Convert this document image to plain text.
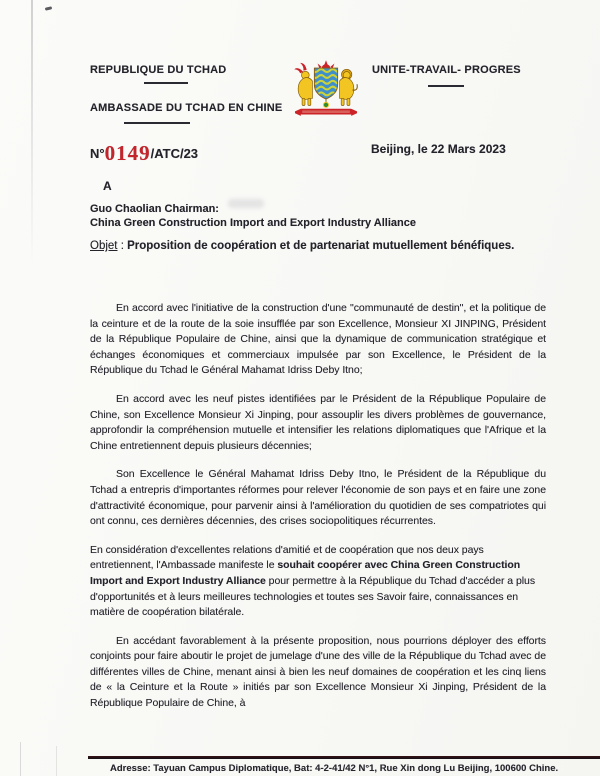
REPUBLIQUE DU TCHAD
AMBASSADE DU TCHAD EN CHINE
UNITE-TRAVAIL- PROGRES
N°0149/ATC/23	Beijing, le 22 Mars 2023
A
Guo Chaolian Chairman:
China Green Construction Import and Export Industry Alliance
Objet : Proposition de coopération et de partenariat mutuellement bénéfiques.

En accord avec l'initiative de la construction d'une "communauté de destin", et la politique de la ceinture et de la route de la soie insufflée par son Excellence, Monsieur XI JINPING, Président de la République Populaire de Chine, ainsi que la dynamique de communication stratégique et échanges économiques et commerciaux impulsée par son Excellence, le Président de la République du Tchad le Général Mahamat Idriss Deby Itno;

En accord avec les neuf pistes identifiées par le Président de la République Populaire de Chine, son Excellence Monsieur Xi Jinping, pour assouplir les divers problèmes de gouvernance, approfondir la compréhension mutuelle et intensifier les relations diplomatiques que l'Afrique et la Chine entretiennent depuis plusieurs décennies;

Son Excellence le Général Mahamat Idriss Deby Itno, le Président de la République du Tchad a entrepris d'importantes réformes pour relever l'économie de son pays et en faire une zone d'attractivité économique, pour parvenir ainsi à l'amélioration du quotidien de ses compatriotes qui ont connu, ces dernières décennies, des crises sociopolitiques récurrentes.

En considération d'excellentes relations d'amitié et de coopération que nos deux pays entretiennent, l'Ambassade manifeste le souhait coopérer avec China Green Construction Import and Export Industry Alliance pour permettre à la République du Tchad d'accéder a plus d'opportunités et à leurs meilleures technologies et toutes ses Savoir faire, connaissances en matière de coopération bilatérale.

En accédant favorablement à la présente proposition, nous pourrions déployer des efforts conjoints pour faire aboutir le projet de jumelage d'une des ville de la République du Tchad avec de différentes villes de Chine, menant ainsi à bien les neuf domaines de coopération et les cinq liens de « la Ceinture et la Route » initiés par son Excellence Monsieur Xi Jinping, Président de la République Populaire de Chine, à

Adresse: Tayuan Campus Diplomatique, Bat: 4-2-41/42 N°1, Rue Xin dong Lu Beijing, 100600 Chine.
